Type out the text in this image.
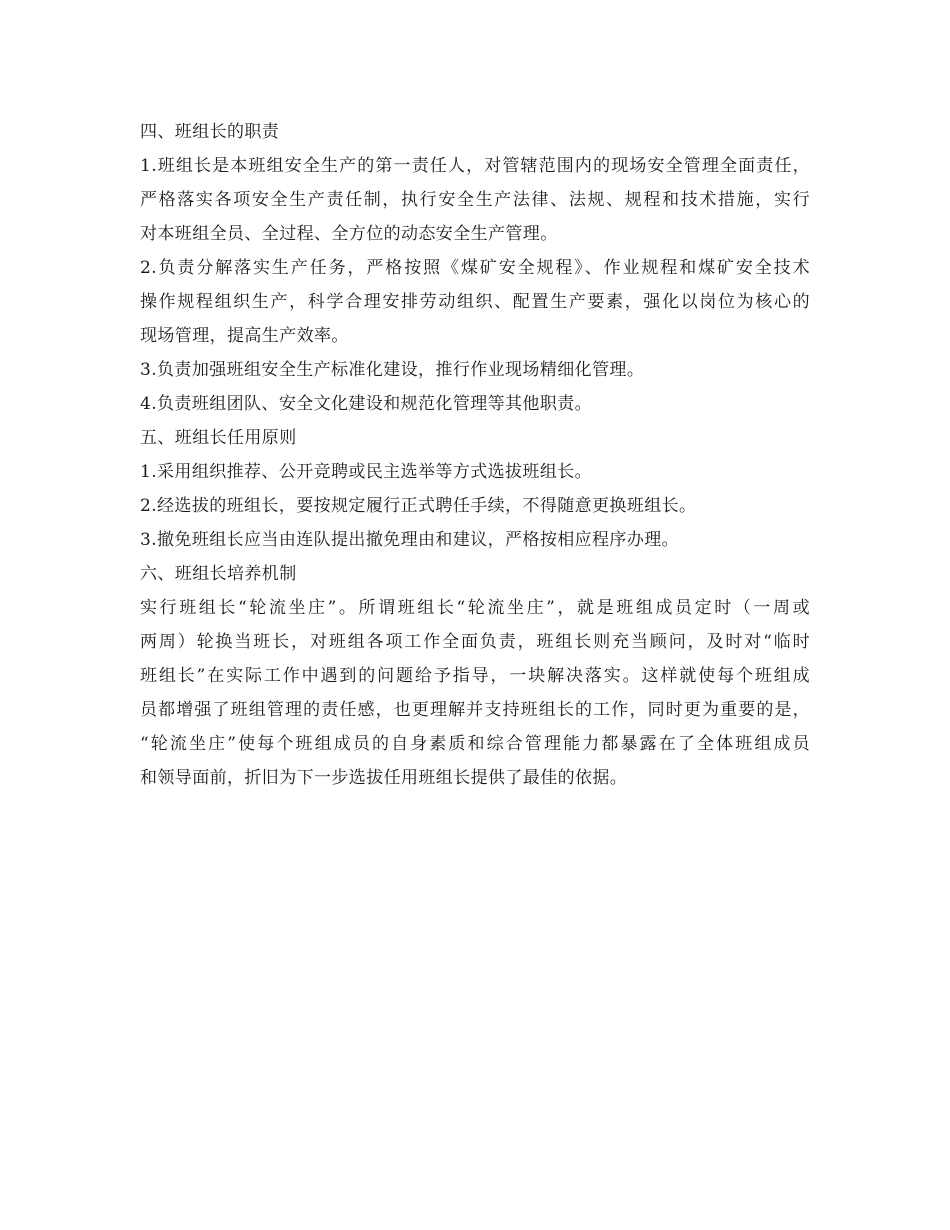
四、班组长的职责
1.班组长是本班组安全生产的第一责任人，对管辖范围内的现场安全管理全面责任，
严格落实各项安全生产责任制，执行安全生产法律、法规、规程和技术措施，实行
对本班组全员、全过程、全方位的动态安全生产管理。
2.负责分解落实生产任务，严格按照《煤矿安全规程》、作业规程和煤矿安全技术
操作规程组织生产，科学合理安排劳动组织、配置生产要素，强化以岗位为核心的
现场管理，提高生产效率。
3.负责加强班组安全生产标准化建设，推行作业现场精细化管理。
4.负责班组团队、安全文化建设和规范化管理等其他职责。
五、班组长任用原则
1.采用组织推荐、公开竞聘或民主选举等方式选拔班组长。
2.经选拔的班组长，要按规定履行正式聘任手续，不得随意更换班组长。
3.撤免班组长应当由连队提出撤免理由和建议，严格按相应程序办理。
六、班组长培养机制
实行班组长“轮流坐庄”。所谓班组长“轮流坐庄”，就是班组成员定时（一周或
两周）轮换当班长，对班组各项工作全面负责，班组长则充当顾问，及时对“临时
班组长”在实际工作中遇到的问题给予指导，一块解决落实。这样就使每个班组成
员都增强了班组管理的责任感，也更理解并支持班组长的工作，同时更为重要的是，
“轮流坐庄”使每个班组成员的自身素质和综合管理能力都暴露在了全体班组成员
和领导面前，折旧为下一步选拔任用班组长提供了最佳的依据。
